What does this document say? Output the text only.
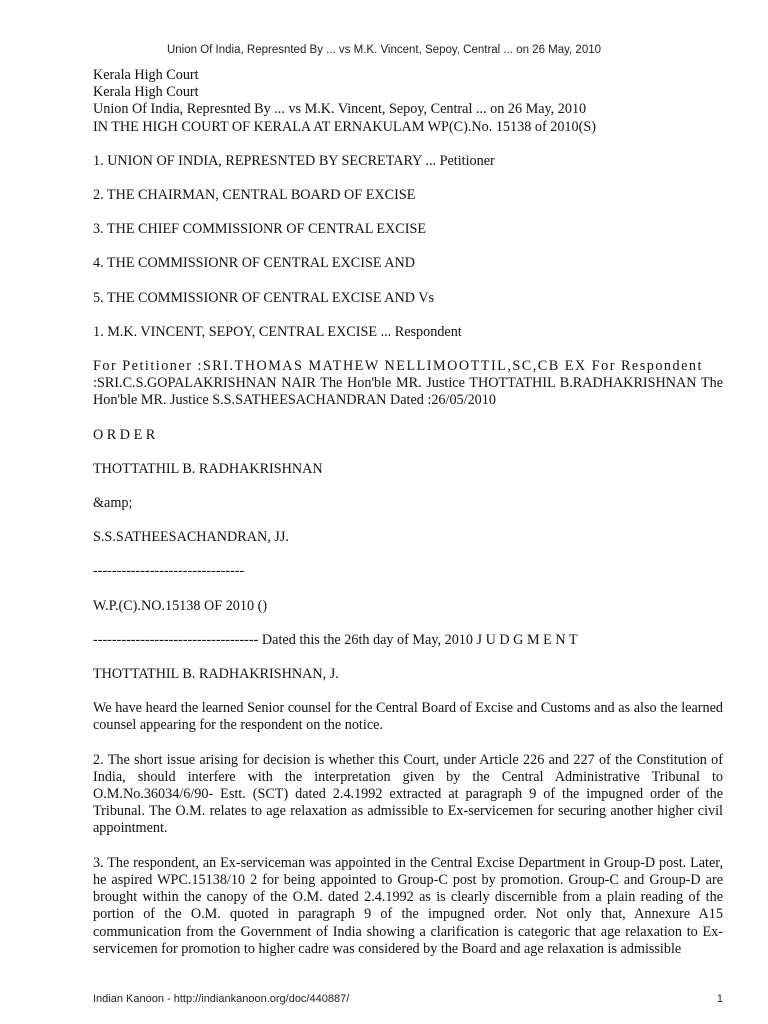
Union Of India, Represnted By ... vs M.K. Vincent, Sepoy, Central ... on 26 May, 2010
Kerala High Court
Kerala High Court
Union Of India, Represnted By ... vs M.K. Vincent, Sepoy, Central ... on 26 May, 2010
IN THE HIGH COURT OF KERALA AT ERNAKULAM WP(C).No. 15138 of 2010(S)
1. UNION OF INDIA, REPRESNTED BY SECRETARY ... Petitioner
2. THE CHAIRMAN, CENTRAL BOARD OF EXCISE
3. THE CHIEF COMMISSIONR OF CENTRAL EXCISE
4. THE COMMISSIONR OF CENTRAL EXCISE AND
5. THE COMMISSIONR OF CENTRAL EXCISE AND Vs
1. M.K. VINCENT, SEPOY, CENTRAL EXCISE ... Respondent
For Petitioner :SRI.THOMAS MATHEW NELLIMOOTTIL,SC,CB EX For Respondent
:SRI.C.S.GOPALAKRISHNAN NAIR The Hon'ble MR. Justice THOTTATHIL B.RADHAKRISHNAN The Hon'ble MR. Justice S.S.SATHEESACHANDRAN Dated :26/05/2010
O R D E R
THOTTATHIL B. RADHAKRISHNAN
&amp;
S.S.SATHEESACHANDRAN, JJ.
--------------------------------
W.P.(C).NO.15138 OF 2010 ()
----------------------------------- Dated this the 26th day of May, 2010 J U D G M E N T
THOTTATHIL B. RADHAKRISHNAN, J.

We have heard the learned Senior counsel for the Central Board of Excise and Customs and as also the learned counsel appearing for the respondent on the notice.

2. The short issue arising for decision is whether this Court, under Article 226 and 227 of the Constitution of India, should interfere with the interpretation given by the Central Administrative Tribunal to O.M.No.36034/6/90- Estt. (SCT) dated 2.4.1992 extracted at paragraph 9 of the impugned order of the Tribunal. The O.M. relates to age relaxation as admissible to Ex-servicemen for securing another higher civil appointment.

3. The respondent, an Ex-serviceman was appointed in the Central Excise Department in Group-D post. Later, he aspired WPC.15138/10 2 for being appointed to Group-C post by promotion. Group-C and Group-D are brought within the canopy of the O.M. dated 2.4.1992 as is clearly discernible from a plain reading of the portion of the O.M. quoted in paragraph 9 of the impugned order. Not only that, Annexure A15 communication from the Government of India showing a clarification is categoric that age relaxation to Ex-servicemen for promotion to higher cadre was considered by the Board and age relaxation is admissible

Indian Kanoon - http://indiankanoon.org/doc/440887/	1
